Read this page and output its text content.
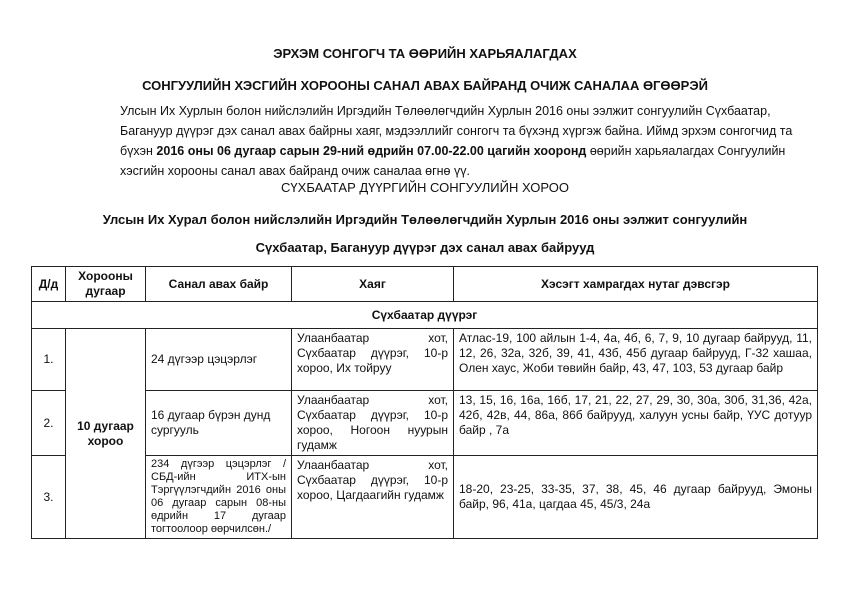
ЭРХЭМ СОНГОГЧ ТА ӨӨРИЙН ХАРЬЯАЛАГДАХ
СОНГУУЛИЙН ХЭСГИЙН ХОРООНЫ САНАЛ АВАХ БАЙРАНД ОЧИЖ САНАЛАА ӨГӨӨРЭЙ

Улсын Их Хурлын болон нийслэлийн Иргэдийн Төлөөлөгчдийн Хурлын 2016 оны ээлжит сонгуулийн Сүхбаатар, Багануур дүүрэг дэх санал авах байрны хаяг, мэдээллийг сонгогч та бүхэнд хүргэж байна. Иймд эрхэм сонгогчид та бүхэн 2016 оны 06 дугаар сарын 29-ний өдрийн 07.00-22.00 цагийн хооронд өөрийн харьяалагдах Сонгуулийн хэсгийн хорооны санал авах байранд очиж саналаа өгнө үү.

СҮХБААТАР ДҮҮРГИЙН СОНГУУЛИЙН ХОРОО
Улсын Их Хурал болон нийслэлийн Иргэдийн Төлөөлөгчдийн Хурлын 2016 оны ээлжит сонгуулийн
Сүхбаатар, Багануур дүүрэг дэх санал авах байрууд
Д/д	Хорооны дугаар	Санал авах байр	Хаяг	Хэсэгт хамрагдах нутаг дэвсгэр
Сүхбаатар дүүрэг				
1.	10 дугаар хороо	24 дүгээр цэцэрлэг	Улаанбаатар хот, Сүхбаатар дүүрэг, 10-р хороо, Их тойруу	Атлас-19, 100 айлын 1-4, 4а, 4б, 6, 7, 9, 10 дугаар байрууд, 11, 12, 26, 32а, 32б, 39, 41, 43б, 45б дугаар байрууд, Г-32 хашаа, Олен хаус, Жоби төвийн байр, 43, 47, 103, 53 дугаар байр
2.		16 дугаар бүрэн дунд сургууль	Улаанбаатар хот, Сүхбаатар дүүрэг, 10-р хороо, Ногоон нуурын гудамж	13, 15, 16, 16а, 16б, 17, 21, 22, 27, 29, 30, 30а, 30б, 31,36, 42а, 42б, 42в, 44, 86а, 86б байрууд, халуун усны байр, ҮУС дотуур байр , 7а
3.		234 дүгээр цэцэрлэг /СБД-ийн ИТХ-ын Тэргүүлэгчдийн 2016 оны 06 дугаар сарын 08-ны өдрийн 17 дугаар тогтоолоор өөрчилсөн./	Улаанбаатар хот, Сүхбаатар дүүрэг, 10-р хороо, Цагдаагийн гудамж	18-20, 23-25, 33-35, 37, 38, 45, 46 дугаар байрууд, Эмоны байр, 96, 41а, цагдаа 45, 45/3, 24а
